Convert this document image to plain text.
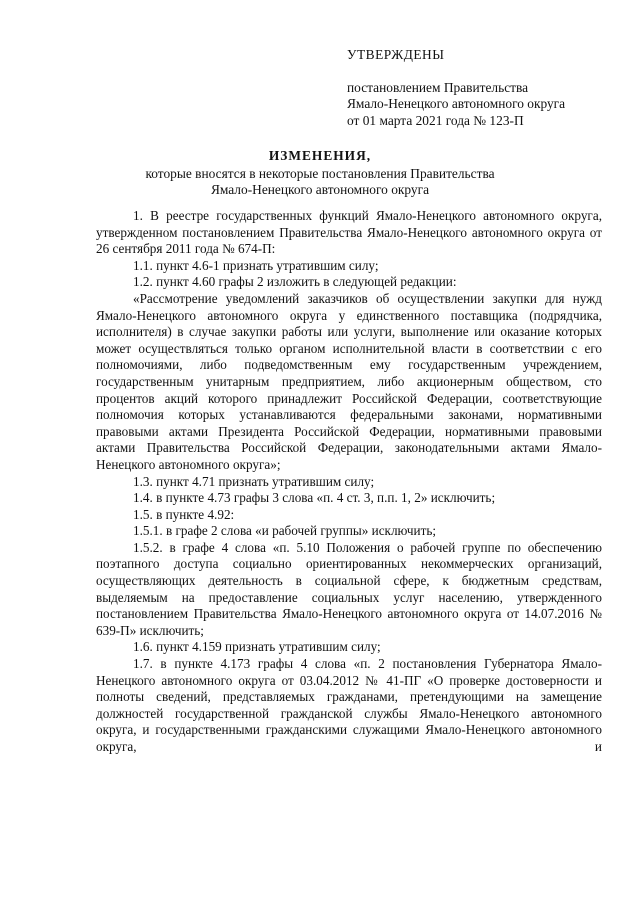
УТВЕРЖДЕНЫ
постановлением Правительства
Ямало-Ненецкого автономного округа
от 01 марта 2021 года № 123-П
ИЗМЕНЕНИЯ,
которые вносятся в некоторые постановления Правительства
Ямало-Ненецкого автономного округа

1. В реестре государственных функций Ямало-Ненецкого автономного округа, утвержденном постановлением Правительства Ямало-Ненецкого автономного округа от 26 сентября 2011 года № 674-П:

1.1. пункт 4.6-1 признать утратившим силу;

1.2. пункт 4.60 графы 2 изложить в следующей редакции:

«Рассмотрение уведомлений заказчиков об осуществлении закупки для нужд Ямало-Ненецкого автономного округа у единственного поставщика (подрядчика, исполнителя) в случае закупки работы или услуги, выполнение или оказание которых может осуществляться только органом исполнительной власти в соответствии с его полномочиями, либо подведомственным ему государственным учреждением, государственным унитарным предприятием, либо акционерным обществом, сто процентов акций которого принадлежит Российской Федерации, соответствующие полномочия которых устанавливаются федеральными законами, нормативными правовыми актами Президента Российской Федерации, нормативными правовыми актами Правительства Российской Федерации, законодательными актами Ямало-Ненецкого автономного округа»;

1.3. пункт 4.71 признать утратившим силу;

1.4. в пункте 4.73 графы 3 слова «п. 4 ст. 3, п.п. 1, 2» исключить;

1.5. в пункте 4.92:

1.5.1. в графе 2 слова «и рабочей группы» исключить;

1.5.2. в графе 4 слова «п. 5.10 Положения о рабочей группе по обеспечению поэтапного доступа социально ориентированных некоммерческих организаций, осуществляющих деятельность в социальной сфере, к бюджетным средствам, выделяемым на предоставление социальных услуг населению, утвержденного постановлением Правительства Ямало-Ненецкого автономного округа от 14.07.2016 № 639-П» исключить;

1.6. пункт 4.159 признать утратившим силу;

1.7. в пункте 4.173 графы 4 слова «п. 2 постановления Губернатора Ямало-Ненецкого автономного округа от 03.04.2012 № 41-ПГ «О проверке достоверности и полноты сведений, представляемых гражданами, претендующими на замещение должностей государственной гражданской службы Ямало-Ненецкого автономного округа, и государственными гражданскими служащими Ямало-Ненецкого автономного округа, и
